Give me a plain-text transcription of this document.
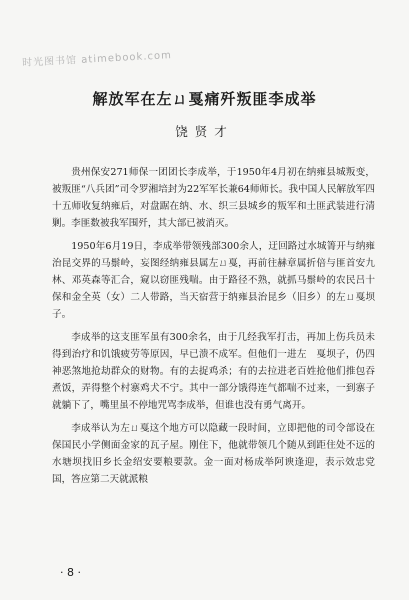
时光图书馆 atimebook.com
解放军在左ㄩ戛痛歼叛匪李成举
饶贤才

贵州保安271师保一团团长李成举，于1950年4月初在纳雍县城叛变，被叛匪“八兵团”司令罗湘培封为22军军长兼64师师长。我中国人民解放军四十五师收复纳雍后，对盘踞在纳、水、织三县城乡的叛军和土匪武装进行清剿。李匪数被我军围歼，其大部已被消灭。

1950年6月19日，李成举带领残部300余人，迂回路过水城箐开与纳雍治昆交界的马鬃岭，妄图经纳雍县属左ㄩ戛，再前往赫章属折倍与匪首安九林、邓英森等汇合，窥以窃匪残喘。由于路径不熟，就抓马鬃岭的农民吕十保和金全英（女）二人带路，当天宿营于纳雍县治昆乡（旧乡）的左ㄩ戛坝子。

李成举的这支匪军虽有300余名，由于几经我军打击，再加上伤兵员未得到治疗和饥饿疲劳等原因，早已溃不成军。但他们一进左　戛坝子，仍四神恶煞地抢劫群众的财物。有的去捉鸡杀；有的去拉进老百姓抢他们推包吞煮饭，弄得整个村寨鸡犬不宁。其中一部分饿得连气都喘不过来，一到寨子就躺下了，嘴里虽不停地咒骂李成举，但谁也没有勇气离开。

李成举认为左ㄩ戛这个地方可以隐藏一段时间，立即把他的司令部设在保国民小学侧面金家的瓦子屋。刚住下，他就带领几个随从到距住处不远的水塘坝找旧乡长金绍安要粮要款。金一面对杨成举阿谀逢迎，表示效忠党国，答应第二天就派粮

· 8 ·
